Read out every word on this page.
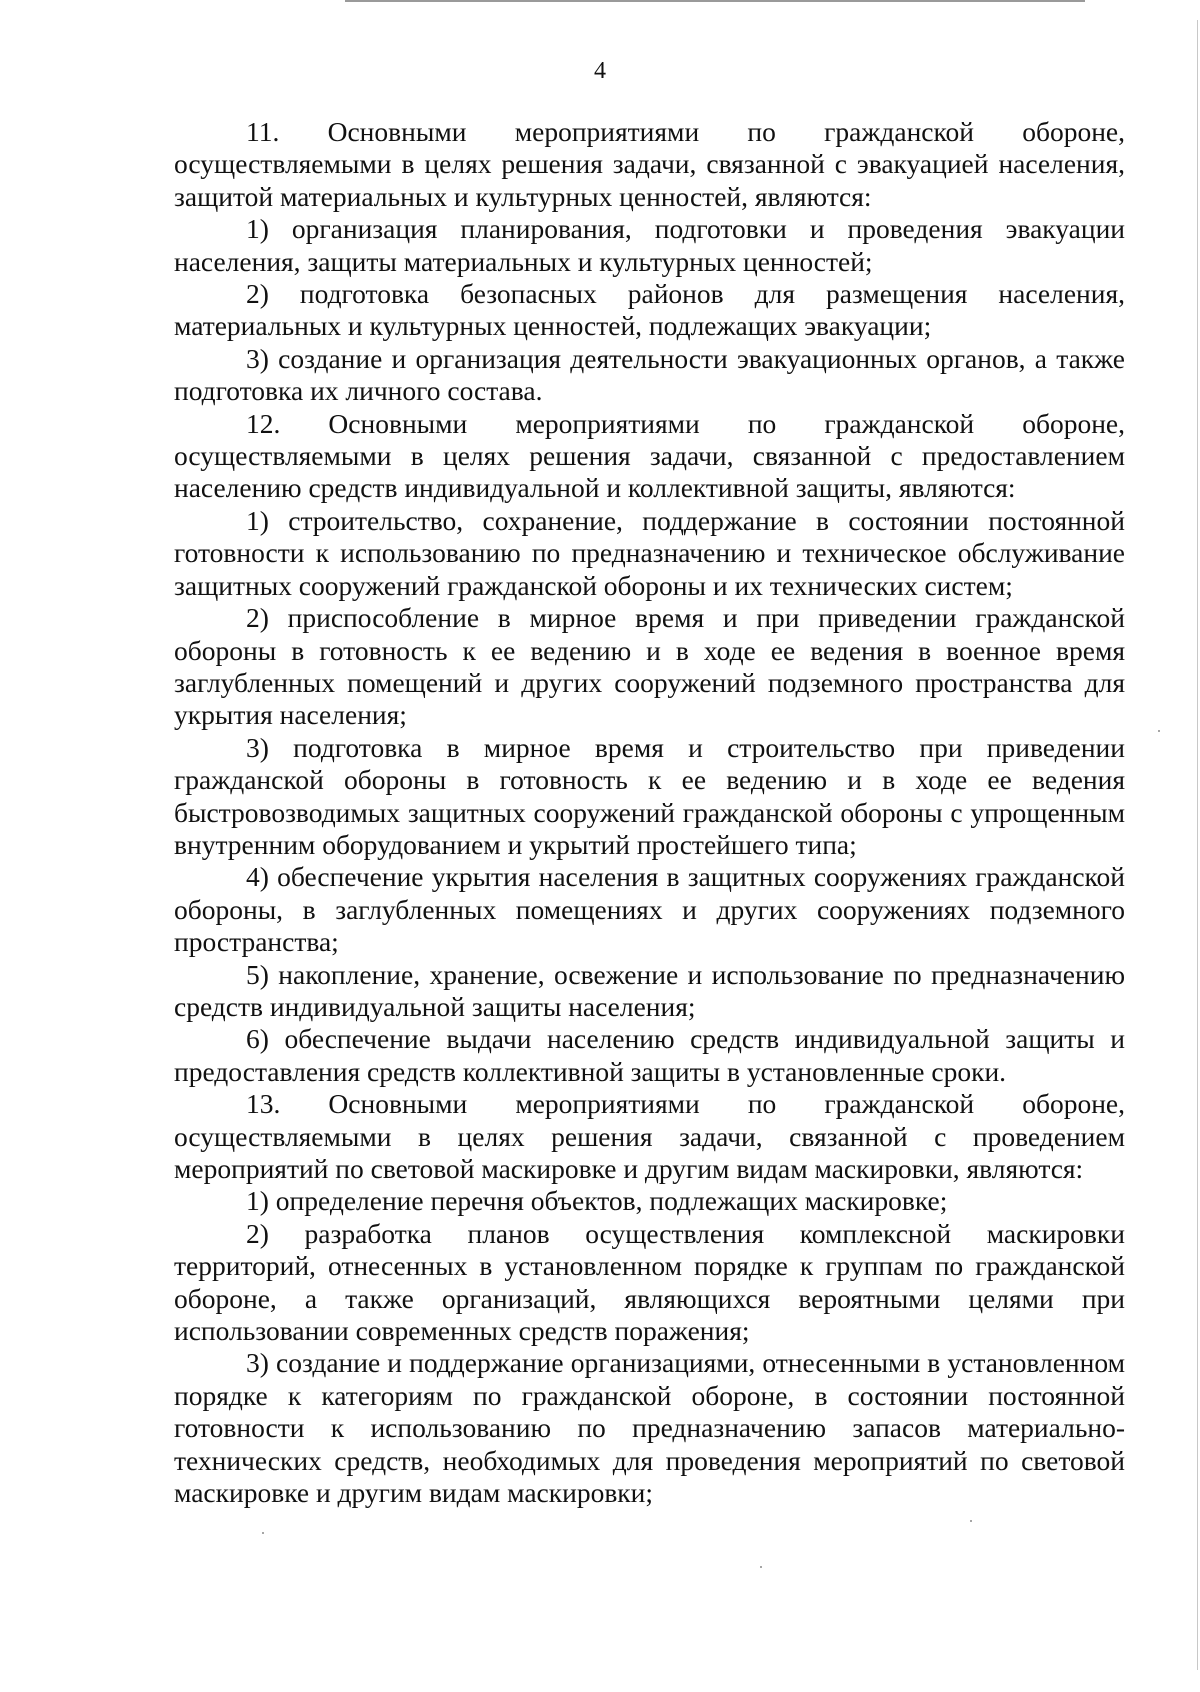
4

11. Основными мероприятиями по гражданской обороне, осуществляемыми в целях решения задачи, связанной с эвакуацией населения, защитой материальных и культурных ценностей, являются:

1) организация планирования, подготовки и проведения эвакуации населения, защиты материальных и культурных ценностей;

2) подготовка безопасных районов для размещения населения, материальных и культурных ценностей, подлежащих эвакуации;

3) создание и организация деятельности эвакуационных органов, а также подготовка их личного состава.

12. Основными мероприятиями по гражданской обороне, осуществляемыми в целях решения задачи, связанной с предоставлением населению средств индивидуальной и коллективной защиты, являются:

1) строительство, сохранение, поддержание в состоянии постоянной готовности к использованию по предназначению и техническое обслуживание защитных сооружений гражданской обороны и их технических систем;

2) приспособление в мирное время и при приведении гражданской обороны в готовность к ее ведению и в ходе ее ведения в военное время заглубленных помещений и других сооружений подземного пространства для укрытия населения;

3) подготовка в мирное время и строительство при приведении гражданской обороны в готовность к ее ведению и в ходе ее ведения быстровозводимых защитных сооружений гражданской обороны с упрощенным внутренним оборудованием и укрытий простейшего типа;

4) обеспечение укрытия населения в защитных сооружениях гражданской обороны, в заглубленных помещениях и других сооружениях подземного пространства;

5) накопление, хранение, освежение и использование по предназначению средств индивидуальной защиты населения;

6) обеспечение выдачи населению средств индивидуальной защиты и предоставления средств коллективной защиты в установленные сроки.

13. Основными мероприятиями по гражданской обороне, осуществляемыми в целях решения задачи, связанной с проведением мероприятий по световой маскировке и другим видам маскировки, являются:

1) определение перечня объектов, подлежащих маскировке;

2) разработка планов осуществления комплексной маскировки территорий, отнесенных в установленном порядке к группам по гражданской обороне, а также организаций, являющихся вероятными целями при использовании современных средств поражения;

3) создание и поддержание организациями, отнесенными в установленном порядке к категориям по гражданской обороне, в состоянии постоянной готовности к использованию по предназначению запасов материально-технических средств, необходимых для проведения мероприятий по световой маскировке и другим видам маскировки;
